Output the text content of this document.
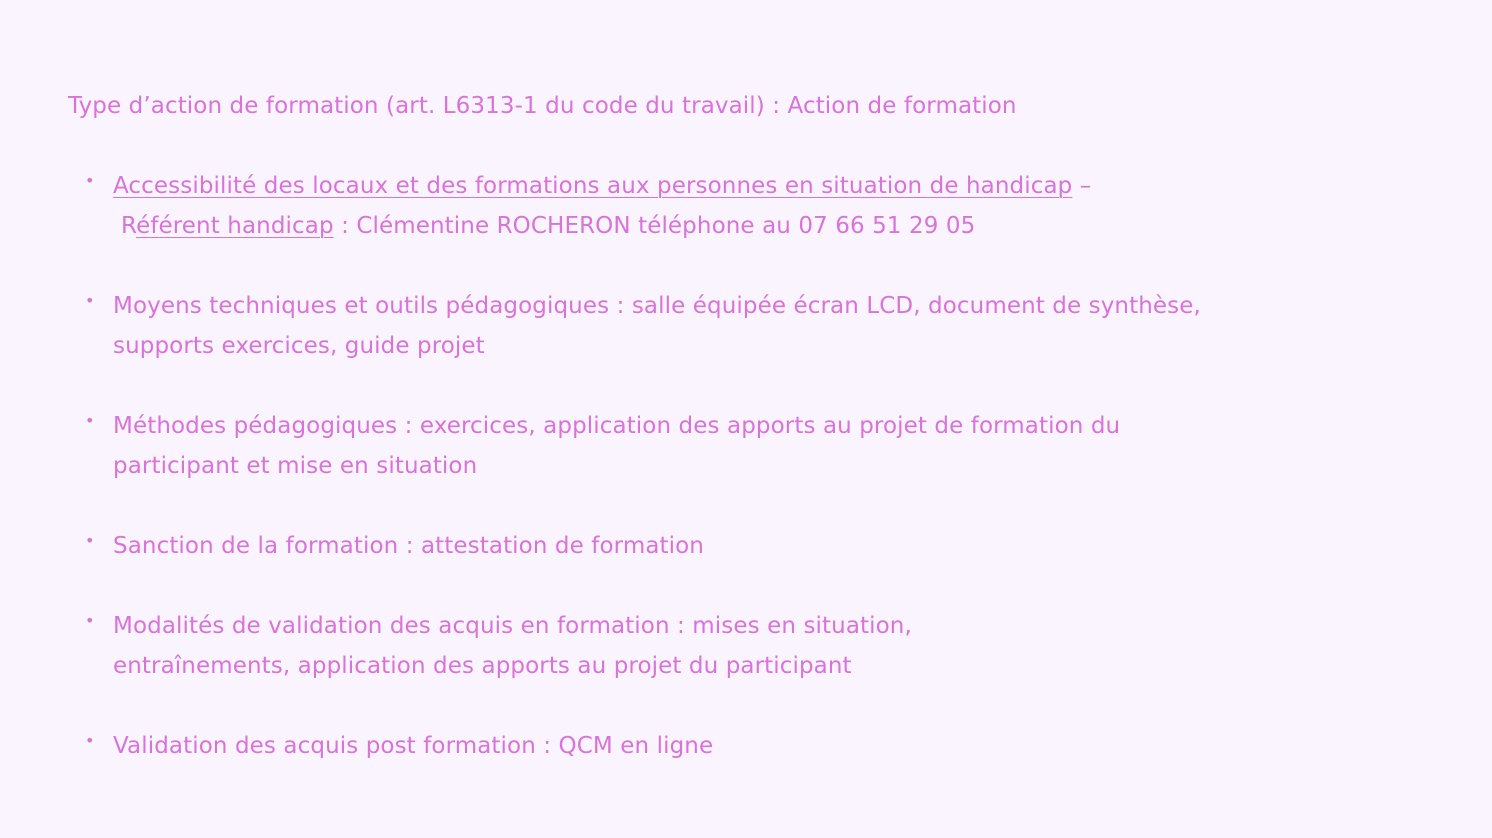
Type d’action de formation (art. L6313-1 du code du travail) : Action de formation

• Accessibilité des locaux et des formations aux personnes en situation de handicap –
Référent handicap : Clémentine ROCHERON téléphone au 07 66 51 29 05
• Moyens techniques et outils pédagogiques : salle équipée écran LCD, document de synthèse, supports exercices, guide projet
• Méthodes pédagogiques : exercices, application des apports au projet de formation du participant et mise en situation
• Sanction de la formation : attestation de formation
• Modalités de validation des acquis en formation : mises en situation,
entraînements, application des apports au projet du participant
• Validation des acquis post formation : QCM en ligne
